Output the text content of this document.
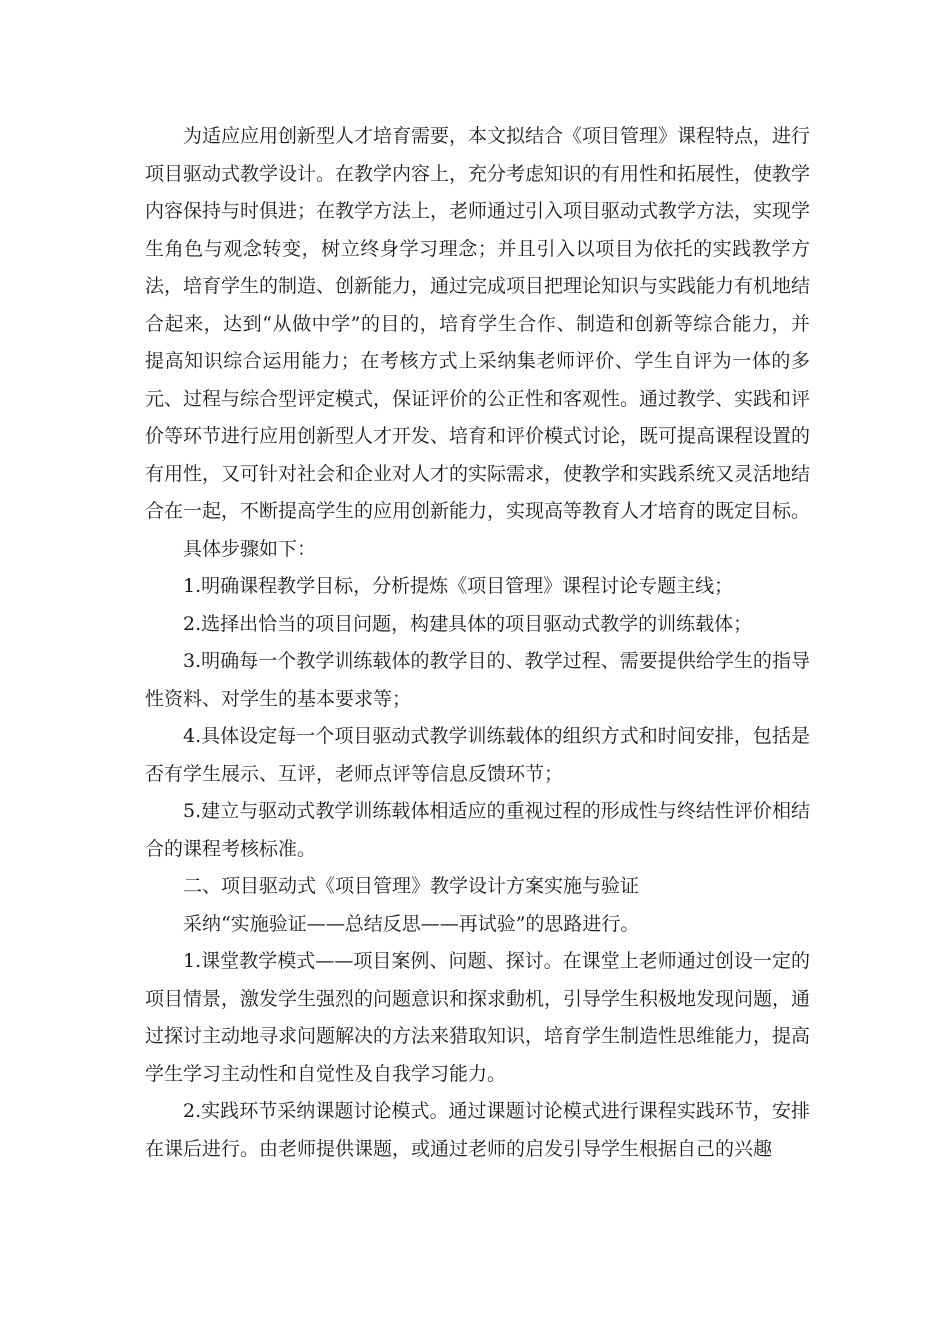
为适应应用创新型人才培育需要，本文拟结合《项目管理》课程特点，进行项目驱动式教学设计。在教学内容上，充分考虑知识的有用性和拓展性，使教学内容保持与时俱进；在教学方法上，老师通过引入项目驱动式教学方法，实现学生角色与观念转变，树立终身学习理念；并且引入以项目为依托的实践教学方法，培育学生的制造、创新能力，通过完成项目把理论知识与实践能力有机地结合起来，达到“从做中学”的目的，培育学生合作、制造和创新等综合能力，并提高知识综合运用能力；在考核方式上采纳集老师评价、学生自评为一体的多元、过程与综合型评定模式，保证评价的公正性和客观性。通过教学、实践和评价等环节进行应用创新型人才开发、培育和评价模式讨论，既可提高课程设置的有用性，又可针对社会和企业对人才的实际需求，使教学和实践系统又灵活地结合在一起，不断提高学生的应用创新能力，实现高等教育人才培育的既定目标。

具体步骤如下：

1.明确课程教学目标，分析提炼《项目管理》课程讨论专题主线；

2.选择出恰当的项目问题，构建具体的项目驱动式教学的训练载体；

3.明确每一个教学训练载体的教学目的、教学过程、需要提供给学生的指导性资料、对学生的基本要求等；

4.具体设定每一个项目驱动式教学训练载体的组织方式和时间安排，包括是否有学生展示、互评，老师点评等信息反馈环节；

5.建立与驱动式教学训练载体相适应的重视过程的形成性与终结性评价相结合的课程考核标准。

二、项目驱动式《项目管理》教学设计方案实施与验证

采纳“实施验证——总结反思——再试验”的思路进行。

1.课堂教学模式——项目案例、问题、探讨。在课堂上老师通过创设一定的项目情景，激发学生强烈的问题意识和探求動机，引导学生积极地发现问题，通过探讨主动地寻求问题解决的方法来猎取知识，培育学生制造性思维能力，提高学生学习主动性和自觉性及自我学习能力。

2.实践环节采纳课题讨论模式。通过课题讨论模式进行课程实践环节，安排在课后进行。由老师提供课题，或通过老师的启发引导学生根据自己的兴趣
